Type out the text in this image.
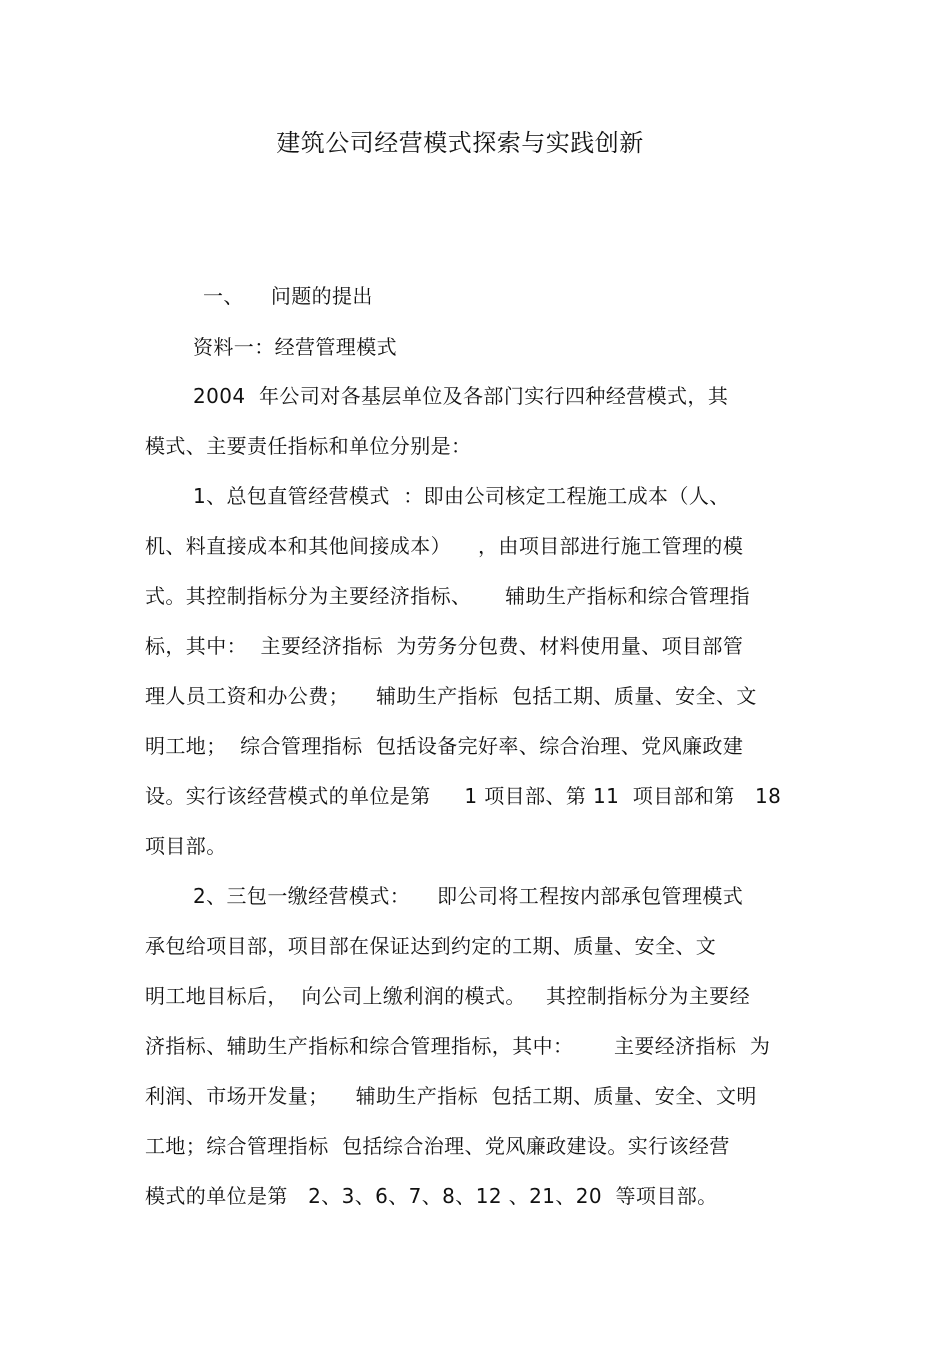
建筑公司经营模式探索与实践创新
一、    问题的提出
资料一：经营管理模式
2004  年公司对各基层单位及各部门实行四种经营模式，其
模式、主要责任指标和单位分别是：
1、总包直管经营模式  ：即由公司核定工程施工成本（人、
机、料直接成本和其他间接成本）    ，由项目部进行施工管理的模
式。其控制指标分为主要经济指标、     辅助生产指标和综合管理指
标，其中：  主要经济指标  为劳务分包费、材料使用量、项目部管
理人员工资和办公费；    辅助生产指标  包括工期、质量、安全、文
明工地；  综合管理指标  包括设备完好率、综合治理、党风廉政建
设。实行该经营模式的单位是第     1 项目部、第 11  项目部和第   18
项目部。
2、三包一缴经营模式：    即公司将工程按内部承包管理模式
承包给项目部，项目部在保证达到约定的工期、质量、安全、文
明工地目标后，  向公司上缴利润的模式。   其控制指标分为主要经
济指标、辅助生产指标和综合管理指标，其中：      主要经济指标  为
利润、市场开发量；    辅助生产指标  包括工期、质量、安全、文明
工地；综合管理指标  包括综合治理、党风廉政建设。实行该经营
模式的单位是第   2、3、6、7、8、12 、21、20  等项目部。
